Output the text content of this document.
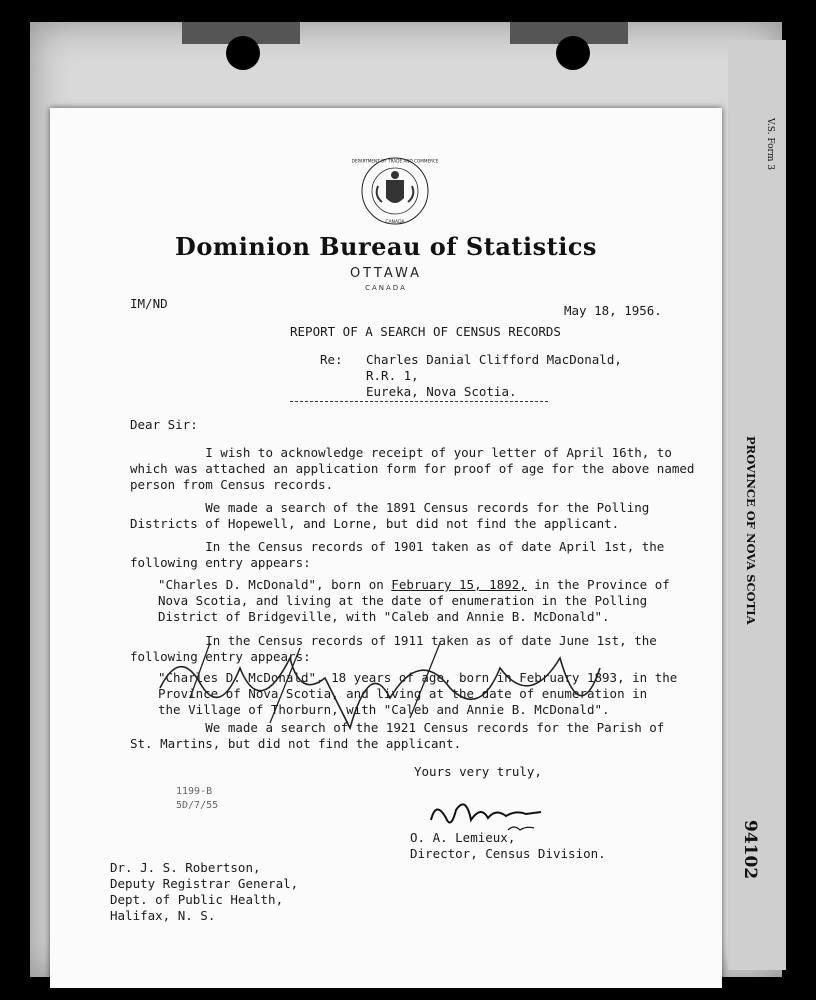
V.S. Form 3
PROVINCE OF NOVA SCOTIA
94102
DEPARTMENT OF TRADE AND COMMERCE
CANADA
Dominion Bureau of Statistics
OTTAWA
CANADA
IM/ND	May 18, 1956.
REPORT OF A SEARCH OF CENSUS RECORDS
Re: Charles Danial Clifford MacDonald,
R.R. 1,
Eureka, Nova Scotia.
Dear Sir:
I wish to acknowledge receipt of your letter of April 16th, to
which was attached an application form for proof of age for the above named
person from Census records.
We made a search of the 1891 Census records for the Polling
Districts of Hopewell, and Lorne, but did not find the applicant.
In the Census records of 1901 taken as of date April 1st, the
following entry appears:
"Charles D. McDonald", born on February 15, 1892, in the Province of
Nova Scotia, and living at the date of enumeration in the Polling
District of Bridgeville, with "Caleb and Annie B. McDonald".
In the Census records of 1911 taken as of date June 1st, the
following entry appears:
"Charles D. McDonald", 18 years of age, born in February 1893, in the
Province of Nova Scotia, and living at the date of enumeration in
the Village of Thorburn, with "Caleb and Annie B. McDonald".
We made a search of the 1921 Census records for the Parish of
St. Martins, but did not find the applicant.
Yours very truly,
O. A. Lemieux,
Director, Census Division.
1199-B
5D/7/55
Dr. J. S. Robertson,
Deputy Registrar General,
Dept. of Public Health,
Halifax, N. S.
